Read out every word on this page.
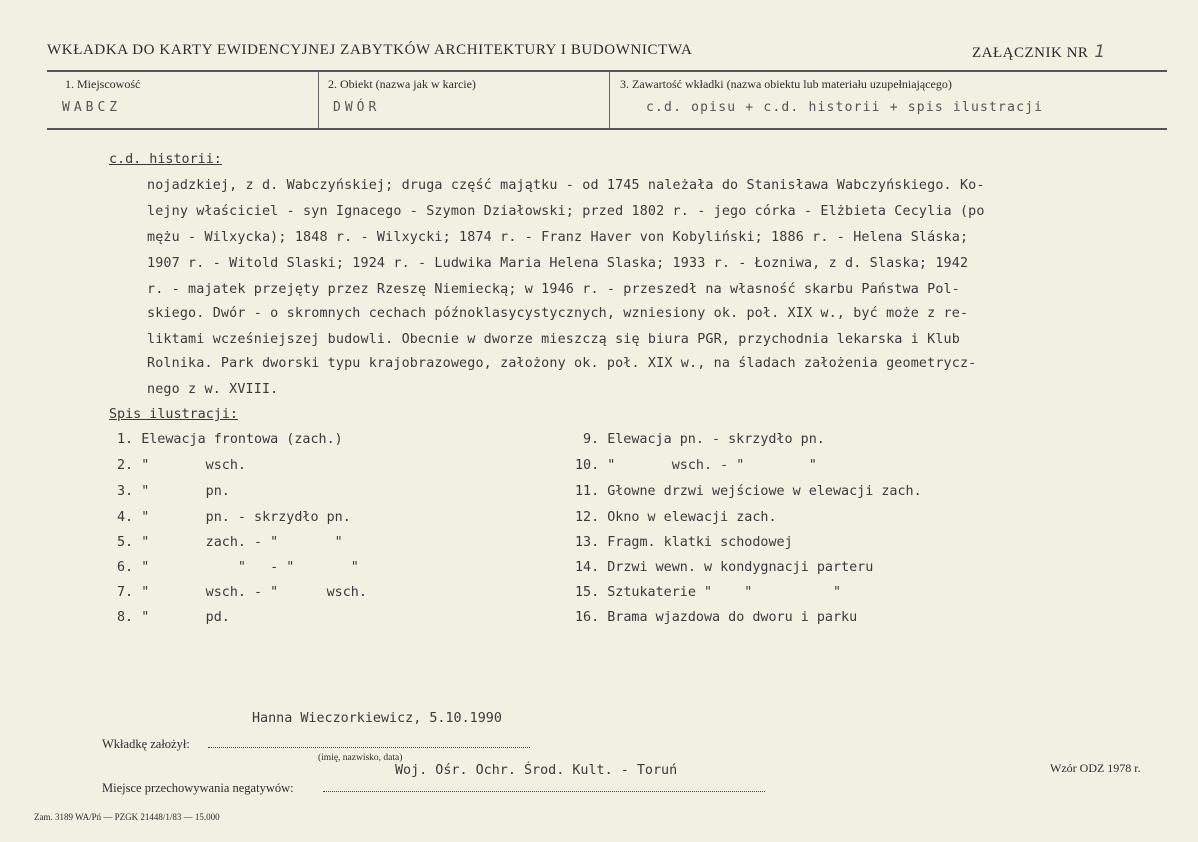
WKŁADKA DO KARTY EWIDENCYJNEJ ZABYTKÓW ARCHITEKTURY I BUDOWNICTWA	ZAŁĄCZNIK NR 1
1. Miejscowość
WABCZ
2. Obiekt (nazwa jak w karcie)
DWÓR
3. Zawartość wkładki (nazwa obiektu lub materiału uzupełniającego)
c.d. opisu + c.d. historii + spis ilustracji
c.d. historii:
nojadzkiej, z d. Wabczyńskiej; druga część majątku - od 1745 należała do Stanisława Wabczyńskiego. Ko-
lejny właściciel - syn Ignacego - Szymon Działowski; przed 1802 r. - jego córka - Elżbieta Cecylia (po
mężu - Wilxycka); 1848 r. - Wilxycki; 1874 r. - Franz Haver von Kobyliński; 1886 r. - Helena Sláska;
1907 r. - Witold Slaski; 1924 r. - Ludwika Maria Helena Slaska; 1933 r. - Łozniwa, z d. Slaska; 1942
r. - majatek przejęty przez Rzeszę Niemiecką; w 1946 r. - przeszedł na własność skarbu Państwa Pol-
skiego. Dwór - o skromnych cechach późnoklasycystycznych, wzniesiony ok. poł. XIX w., być może z re-
liktami wcześniejszej budowli. Obecnie w dworze mieszczą się biura PGR, przychodnia lekarska i Klub
Rolnika. Park dworski typu krajobrazowego, założony ok. poł. XIX w., na śladach założenia geometrycz-
nego z w. XVIII.
Spis ilustracji:
1. Elewacja frontowa (zach.)
2. "       wsch.
3. "       pn.
4. "       pn. - skrzydło pn.
5. "       zach. - "       "
6. "           "   - "       "
7. "       wsch. - "      wsch.
8. "       pd.
9. Elewacja pn. - skrzydło pn.
10. "       wsch. - "        "
11. Głowne drzwi wejściowe w elewacji zach.
12. Okno w elewacji zach.
13. Fragm. klatki schodowej
14. Drzwi wewn. w kondygnacji parteru
15. Sztukaterie "    "          "
16. Brama wjazdowa do dworu i parku
Hanna Wieczorkiewicz, 5.10.1990
Wkładkę założył:
(imię, nazwisko, data)
Woj. Ośr. Ochr. Środ. Kult. - Toruń
Miejsce przechowywania negatywów:
Wzór ODZ 1978 r.
Zam. 3189 WA/Pń — PZGK 21448/1/83 — 15.000
